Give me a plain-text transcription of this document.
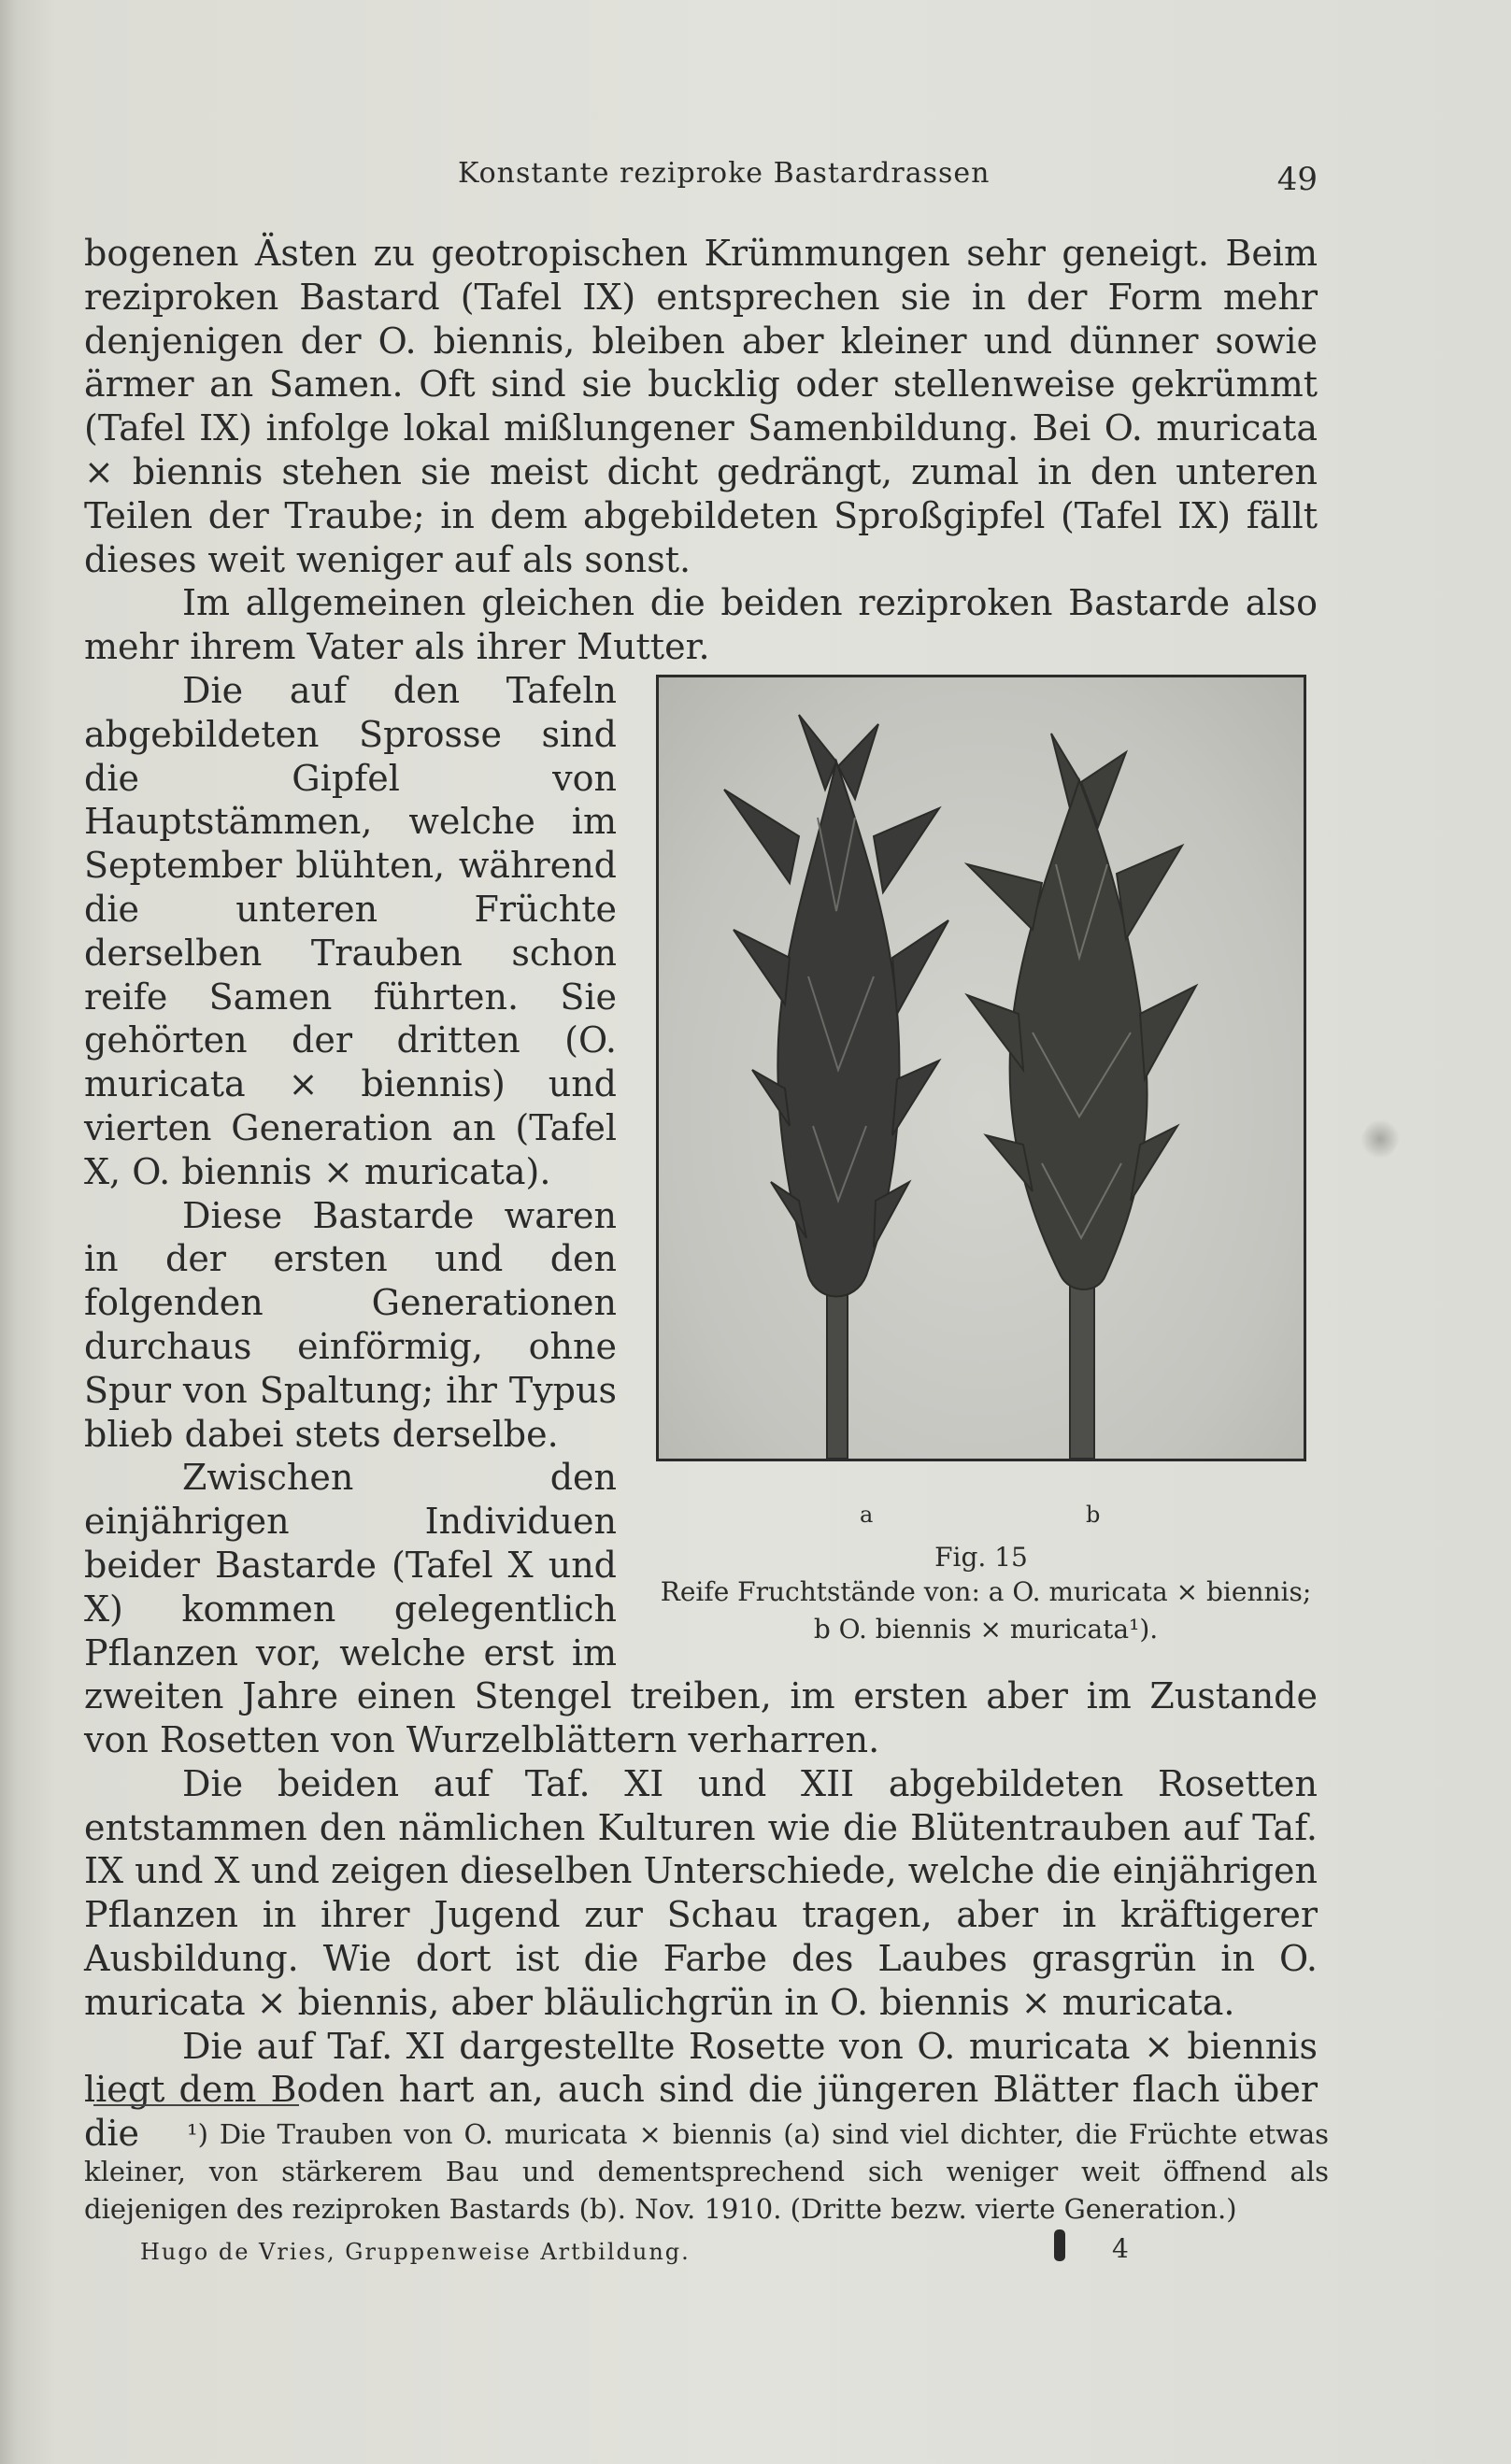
Konstante reziproke Bastardrassen	49

bogenen Ästen zu geotropischen Krümmungen sehr geneigt. Beim reziproken Bastard (Tafel IX) entsprechen sie in der Form mehr denjenigen der O. biennis, bleiben aber kleiner und dünner sowie ärmer an Samen. Oft sind sie bucklig oder stellenweise gekrümmt (Tafel IX) infolge lokal mißlungener Samenbildung. Bei O. muricata × biennis stehen sie meist dicht gedrängt, zumal in den unteren Teilen der Traube; in dem abgebildeten Sproßgipfel (Tafel IX) fällt dieses weit weniger auf als sonst.

Im allgemeinen gleichen die beiden reziproken Bastarde also mehr ihrem Vater als ihrer Mutter.

a	b
Fig. 15
Reife Fruchtstände von: a O. muricata × biennis; b O. biennis × muricata¹).

Die auf den Tafeln abgebildeten Sprosse sind die Gipfel von Hauptstämmen, welche im September blühten, während die unteren Früchte derselben Trauben schon reife Samen führten. Sie gehörten der dritten (O. muricata × biennis) und vierten Generation an (Tafel X, O. biennis × muricata).

Diese Bastarde waren in der ersten und den folgenden Generationen durchaus einförmig, ohne Spur von Spaltung; ihr Typus blieb dabei stets derselbe.

Zwischen den einjährigen Individuen beider Bastarde (Tafel X und X) kommen gelegentlich Pflanzen vor, welche erst im zweiten Jahre einen Stengel treiben, im ersten aber im Zustande von Rosetten von Wurzelblättern verharren.

Die beiden auf Taf. XI und XII abgebildeten Rosetten entstammen den nämlichen Kulturen wie die Blütentrauben auf Taf. IX und X und zeigen dieselben Unterschiede, welche die einjährigen Pflanzen in ihrer Jugend zur Schau tragen, aber in kräftigerer Ausbildung. Wie dort ist die Farbe des Laubes grasgrün in O. muricata × biennis, aber bläulichgrün in O. biennis × muricata.

Die auf Taf. XI dargestellte Rosette von O. muricata × biennis liegt dem Boden hart an, auch sind die jüngeren Blätter flach über die	¹) Die Trauben von O. muricata × biennis (a) sind viel dichter, die Früchte etwas kleiner, von stärkerem Bau und dementsprechend sich weniger weit öffnend als diejenigen des reziproken Bastards (b). Nov. 1910. (Dritte bezw. vierte Generation.)

Hugo de Vries, Gruppenweise Artbildung.	4
